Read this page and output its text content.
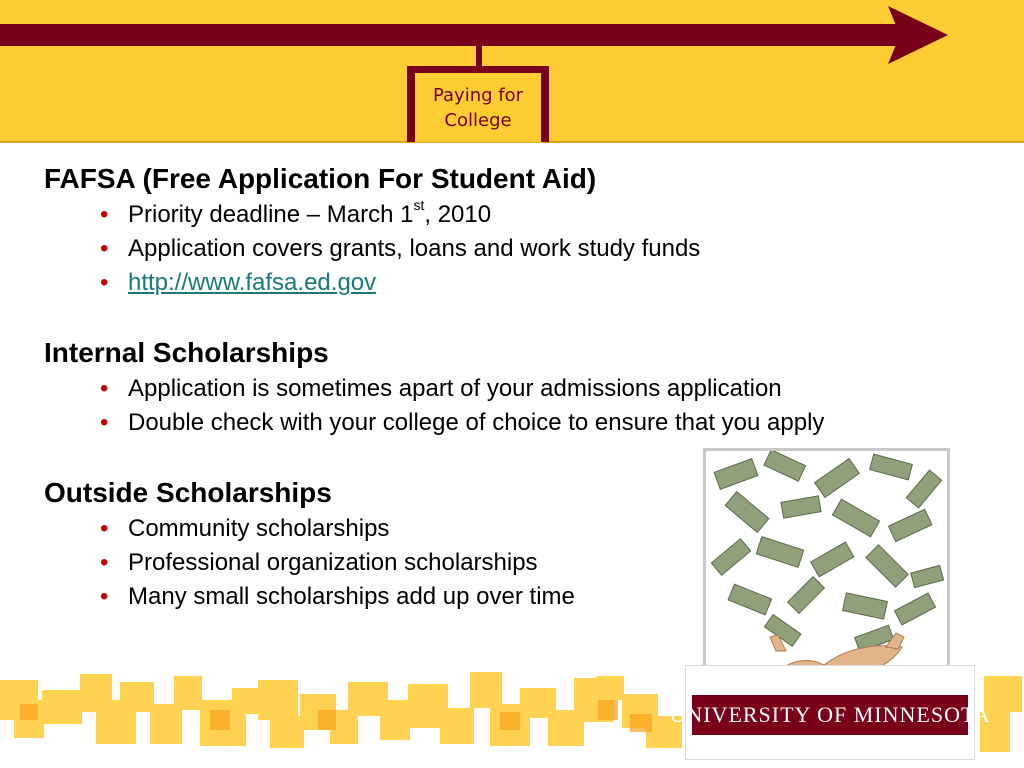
Paying for
College
FAFSA (Free Application For Student Aid)
• Priority deadline – March 1st, 2010
• Application covers grants, loans and work study funds
• http://www.fafsa.ed.gov
Internal Scholarships
• Application is sometimes apart of your admissions application
• Double check with your college of choice to ensure that you apply
Outside Scholarships
• Community scholarships
• Professional organization scholarships
• Many small scholarships add up over time
UNIVERSITY OF MINNESOTA
